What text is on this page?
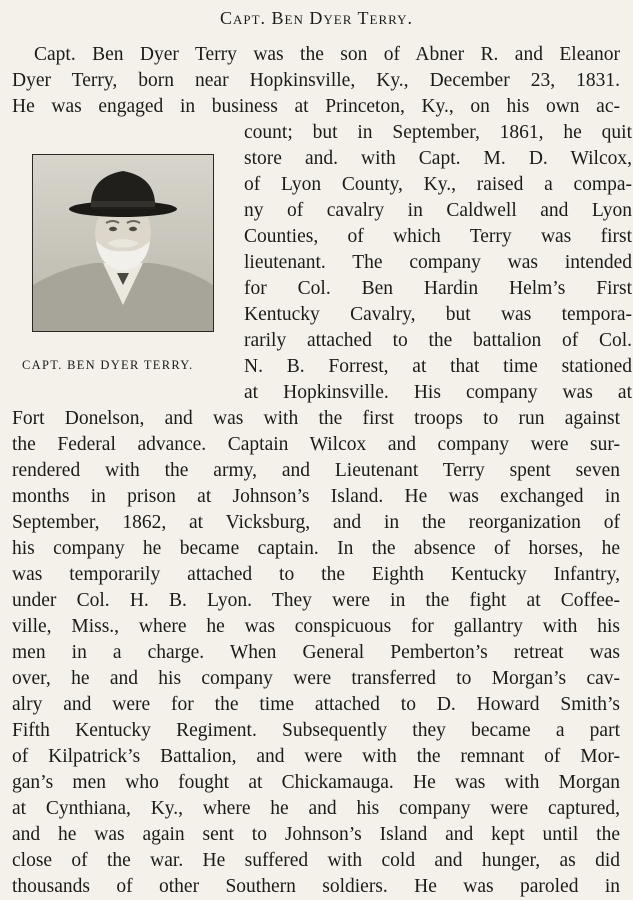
Capt. Ben Dyer Terry.
Capt. Ben Dyer Terry was the son of Abner R. and Eleanor
Dyer Terry, born near Hopkinsville, Ky., December 23, 1831.
He was engaged in business at Princeton, Ky., on his own ac-
count; but in September, 1861, he quit
store and. with Capt. M. D. Wilcox,
of Lyon County, Ky., raised a compa-
ny of cavalry in Caldwell and Lyon
Counties, of which Terry was first
lieutenant. The company was intended
for Col. Ben Hardin Helm’s First
Kentucky Cavalry, but was tempora-
rarily attached to the battalion of Col.
N. B. Forrest, at that time stationed
at Hopkinsville. His company was at
Fort Donelson, and was with the first troops to run against
the Federal advance. Captain Wilcox and company were sur-
rendered with the army, and Lieutenant Terry spent seven
months in prison at Johnson’s Island. He was exchanged in
September, 1862, at Vicksburg, and in the reorganization of
his company he became captain. In the absence of horses, he
was temporarily attached to the Eighth Kentucky Infantry,
under Col. H. B. Lyon. They were in the fight at Coffee-
ville, Miss., where he was conspicuous for gallantry with his
men in a charge. When General Pemberton’s retreat was
over, he and his company were transferred to Morgan’s cav-
alry and were for the time attached to D. Howard Smith’s
Fifth Kentucky Regiment. Subsequently they became a part
of Kilpatrick’s Battalion, and were with the remnant of Mor-
gan’s men who fought at Chickamauga. He was with Morgan
at Cynthiana, Ky., where he and his company were captured,
and he was again sent to Johnson’s Island and kept until the
close of the war. He suffered with cold and hunger, as did
thousands of other Southern soldiers. He was paroled in
CAPT. BEN DYER TERRY.
